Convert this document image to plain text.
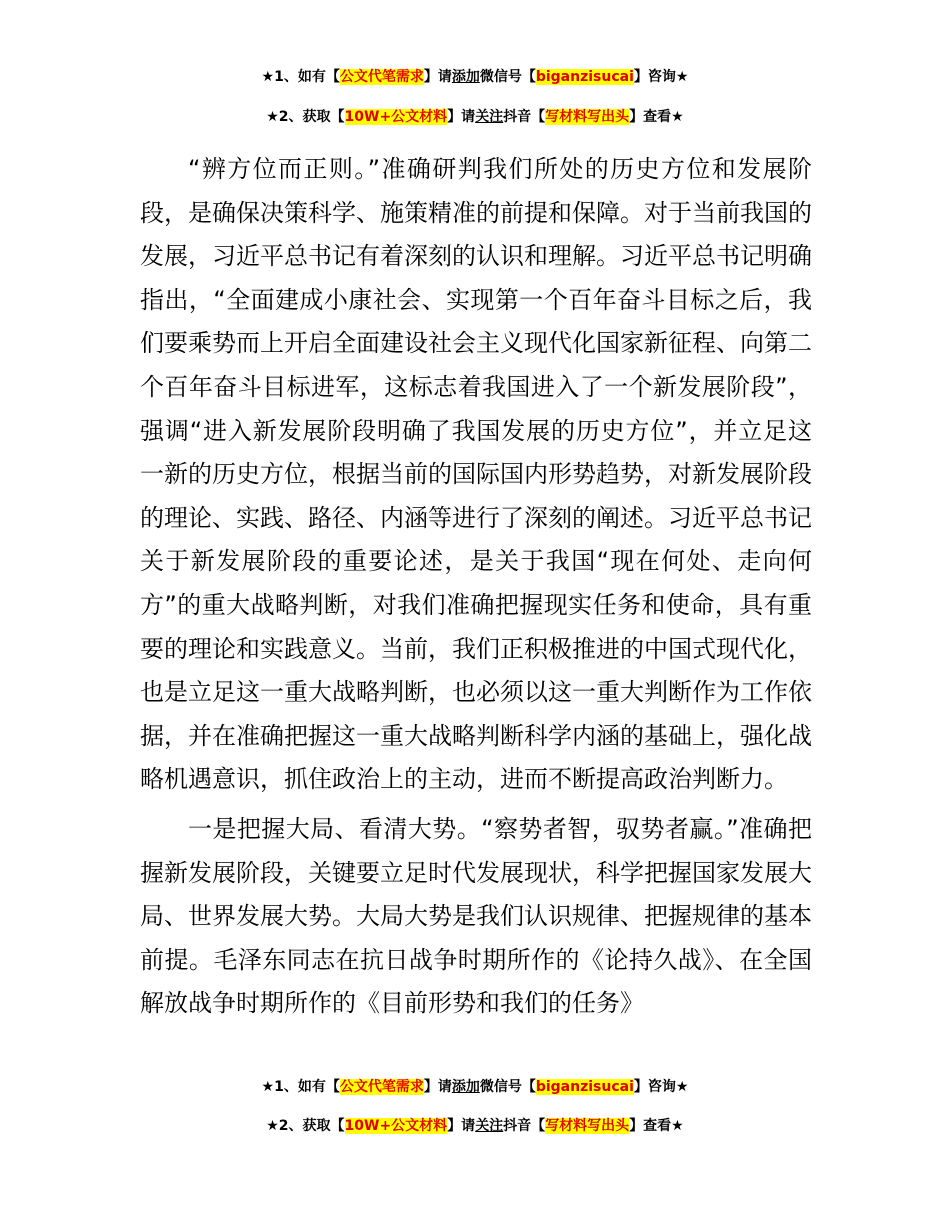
★1、如有【公文代笔需求】请添加微信号【biganzisucai】咨询★
★2、获取【10W+公文材料】请关注抖音【写材料写出头】查看★

“辨方位而正则。”准确研判我们所处的历史方位和发展阶段，是确保决策科学、施策精准的前提和保障。对于当前我国的发展，习近平总书记有着深刻的认识和理解。习近平总书记明确指出，“全面建成小康社会、实现第一个百年奋斗目标之后，我们要乘势而上开启全面建设社会主义现代化国家新征程、向第二个百年奋斗目标进军，这标志着我国进入了一个新发展阶段”，强调“进入新发展阶段明确了我国发展的历史方位”，并立足这一新的历史方位，根据当前的国际国内形势趋势，对新发展阶段的理论、实践、路径、内涵等进行了深刻的阐述。习近平总书记关于新发展阶段的重要论述，是关于我国“现在何处、走向何方”的重大战略判断，对我们准确把握现实任务和使命，具有重要的理论和实践意义。当前，我们正积极推进的中国式现代化，也是立足这一重大战略判断，也必须以这一重大判断作为工作依据，并在准确把握这一重大战略判断科学内涵的基础上，强化战略机遇意识，抓住政治上的主动，进而不断提高政治判断力。

一是把握大局、看清大势。“察势者智，驭势者赢。”准确把握新发展阶段，关键要立足时代发展现状，科学把握国家发展大局、世界发展大势。大局大势是我们认识规律、把握规律的基本前提。毛泽东同志在抗日战争时期所作的《论持久战》、在全国解放战争时期所作的《目前形势和我们的任务》

★1、如有【公文代笔需求】请添加微信号【biganzisucai】咨询★
★2、获取【10W+公文材料】请关注抖音【写材料写出头】查看★
